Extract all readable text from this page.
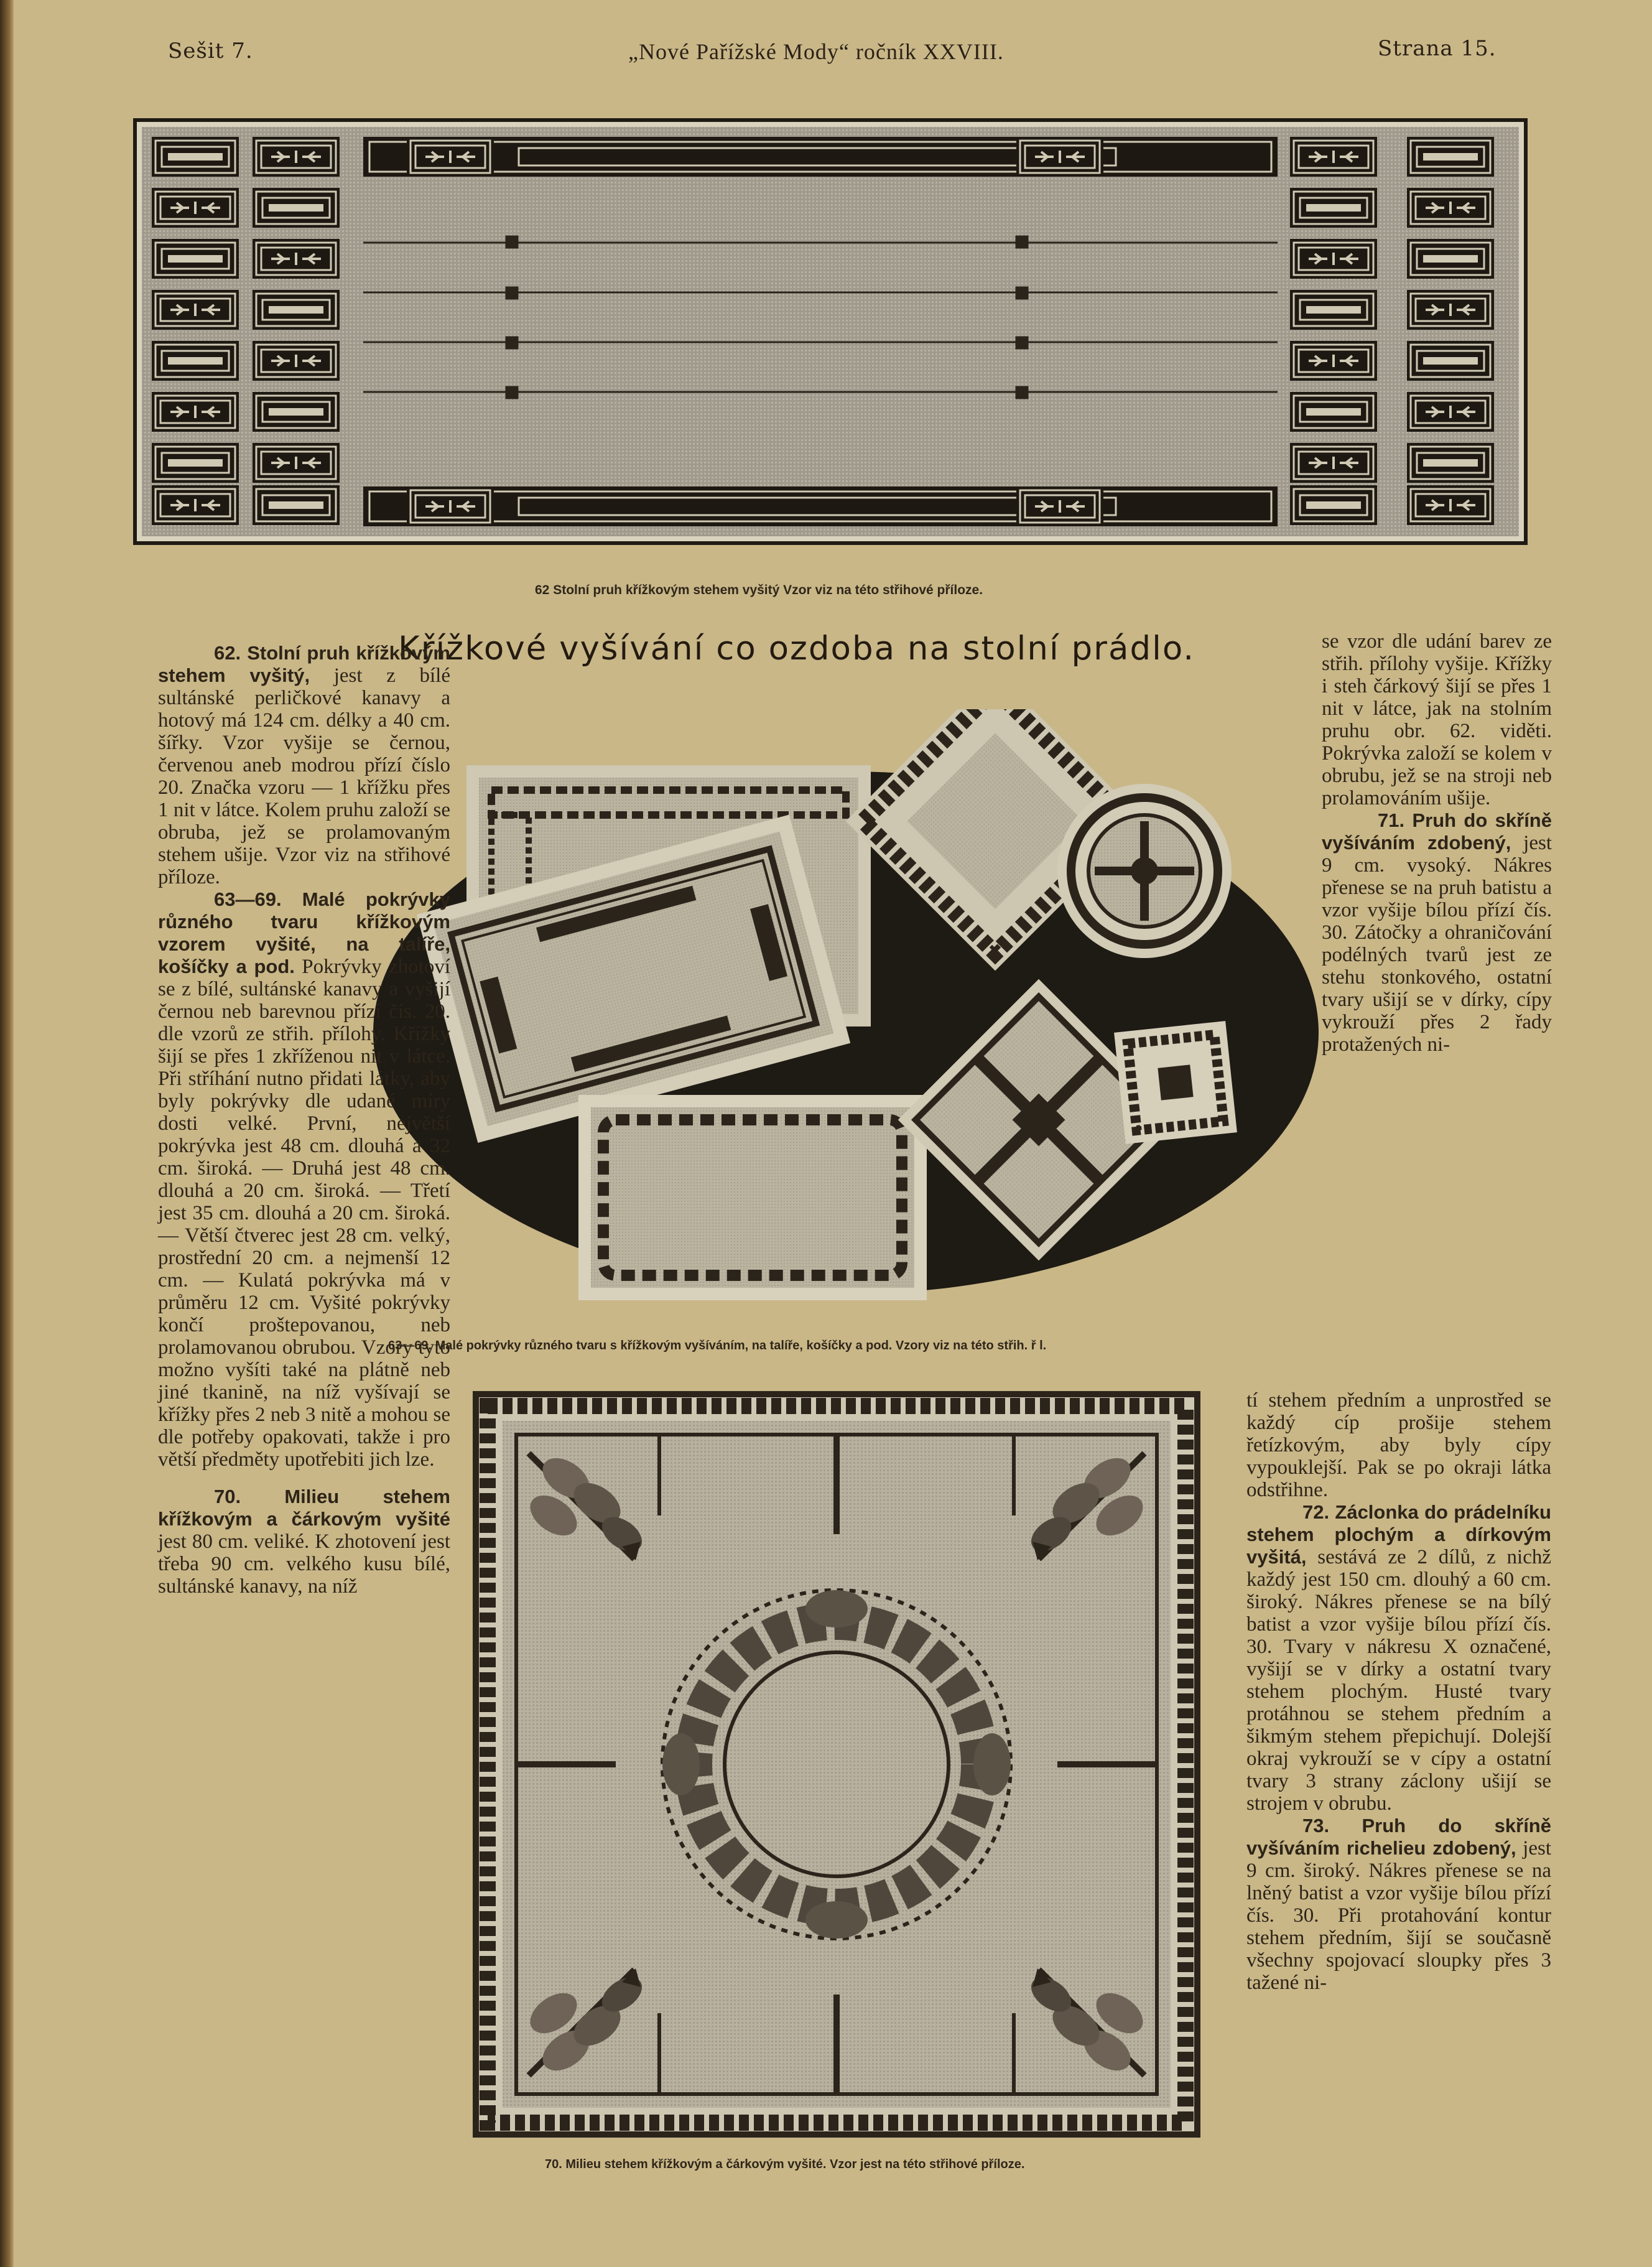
Sešit 7.	„Nové Pařížské Mody“ ročník XXVIII.	Strana 15.
62 Stolní pruh křížkovým stehem vyšitý Vzor viz na této střihové příloze.
Křížkové vyšívání co ozdoba na stolní prádlo.
63—69. Malé pokrývky různého tvaru s křížkovým vyšíváním, na talíře, košíčky a pod. Vzory viz na této střih. ř l.
70. Milieu stehem křížkovým a čárkovým vyšité. Vzor jest na této střihové příloze.

62. Stolní pruh křížkovým stehem vyšitý, jest z bílé sultánské perličkové kanavy a hotový má 124 cm. délky a 40 cm. šířky. Vzor vyšije se černou, červenou aneb modrou přízí číslo 20. Značka vzoru — 1 křížku přes 1 nit v látce. Kolem pruhu založí se obruba, jež se prolamovaným stehem ušije. Vzor viz na střihové příloze.

63—69. Malé pokrývky různého tvaru křížkovým vzorem vyšité, na talíře, košíčky a pod. Pokrývky zhotoví se z bílé, sultánské kanavy a vyšijí černou neb barevnou přízí čís. 20. dle vzorů ze střih. přílohy. Křížky šijí se přes 1 zkříženou nit v látce. Při stříhání nutno přidati látky, aby byly pokrývky dle udané míry dosti velké. První, největší pokrývka jest 48 cm. dlouhá a 32 cm. široká. — Druhá jest 48 cm. dlouhá a 20 cm. široká. — Třetí jest 35 cm. dlouhá a 20 cm. široká. — Větší čtverec jest 28 cm. velký, prostřední 20 cm. a nejmenší 12 cm. — Kulatá pokrývka má v průměru 12 cm. Vyšité pokrývky končí proštepovanou, neb prolamovanou obrubou. Vzory tyto možno vyšíti také na plátně neb jiné tkanině, na níž vyšívají se křížky přes 2 neb 3 nitě a mohou se dle potřeby opakovati, takže i pro větší předměty upotřebiti jich lze.

70. Milieu stehem křížkovým a čárkovým vyšité jest 80 cm. veliké. K zhotovení jest třeba 90 cm. velkého kusu bílé, sultánské kanavy, na níž

se vzor dle udání barev ze střih. přílohy vyšije. Křížky i steh čárkový šijí se přes 1 nit v látce, jak na stolním pruhu obr. 62. viděti. Pokrývka založí se kolem v obrubu, jež se na stroji neb prolamováním ušije.

71. Pruh do skříně vyšíváním zdobený, jest 9 cm. vysoký. Nákres přenese se na pruh batistu a vzor vyšije bílou přízí čís. 30. Zátočky a ohraničování podélných tvarů jest ze stehu stonkového, ostatní tvary ušijí se v dírky, cípy vykrouží přes 2 řady protažených ni-

tí stehem předním a unprostřed se každý cíp prošije stehem řetízkovým, aby byly cípy vypouklejší. Pak se po okraji látka odstřihne.

72. Záclonka do prádelníku stehem plochým a dírkovým vyšitá, sestává ze 2 dílů, z nichž každý jest 150 cm. dlouhý a 60 cm. široký. Nákres přenese se na bílý batist a vzor vyšije bílou přízí čís. 30. Tvary v nákresu X označené, vyšijí se v dírky a ostatní tvary stehem plochým. Husté tvary protáhnou se stehem předním a šikmým stehem přepichují. Dolejší okraj vykrouží se v cípy a ostatní tvary 3 strany záclony ušijí se strojem v obrubu.

73. Pruh do skříně vyšíváním richelieu zdobený, jest 9 cm. široký. Nákres přenese se na lněný batist a vzor vyšije bílou přízí čís. 30. Při protahování kontur stehem předním, šijí se současně všechny spojovací sloupky přes 3 tažené ni-
